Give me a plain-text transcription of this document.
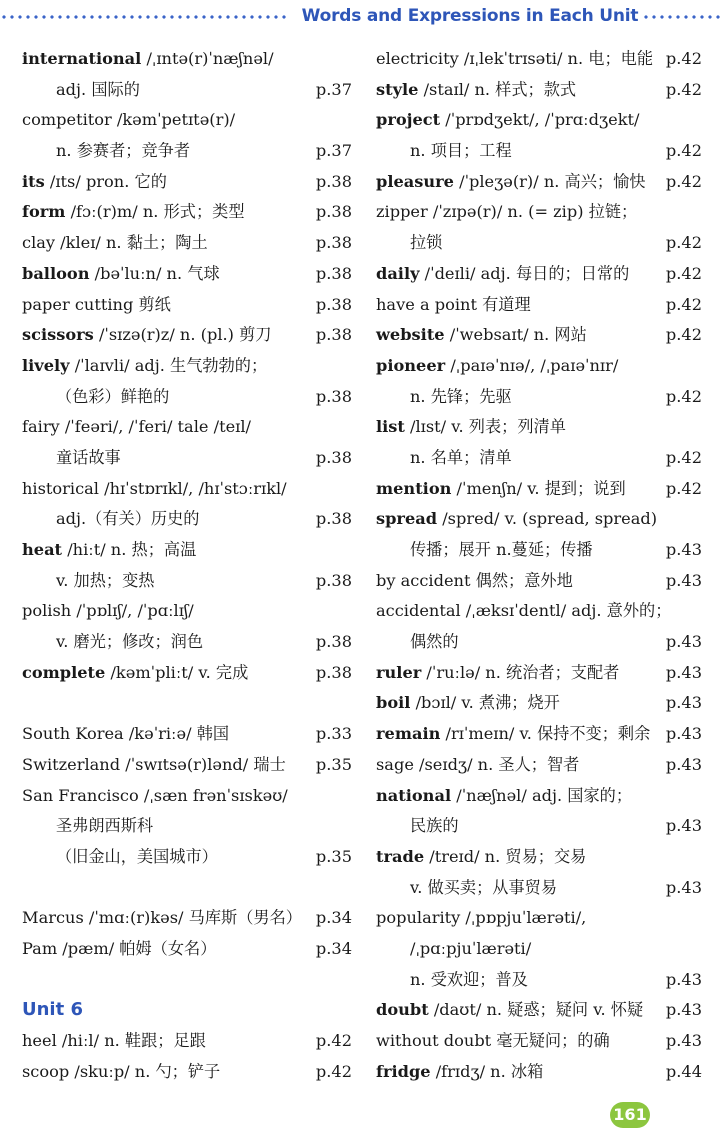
Words and Expressions in Each Unit
international /ˌɪntə(r)ˈnæʃnəl/
adj. 国际的	p.37
competitor /kəmˈpetɪtə(r)/
n. 参赛者；竞争者	p.37
its /ɪts/ pron. 它的	p.38
form /fɔː(r)m/ n. 形式；类型	p.38
clay /kleɪ/ n. 黏土；陶土	p.38
balloon /bəˈluːn/ n. 气球	p.38
paper cutting 剪纸	p.38
scissors /ˈsɪzə(r)z/ n. (pl.) 剪刀	p.38
lively /ˈlaɪvli/ adj. 生气勃勃的；
（色彩）鲜艳的	p.38
fairy /ˈfeəri/, /ˈferi/ tale /teɪl/
童话故事	p.38
historical /hɪˈstɒrɪkl/, /hɪˈstɔːrɪkl/
adj.（有关）历史的	p.38
heat /hiːt/ n. 热；高温
v. 加热；变热	p.38
polish /ˈpɒlɪʃ/, /ˈpɑːlɪʃ/
v. 磨光；修改；润色	p.38
complete /kəmˈpliːt/ v. 完成	p.38
South Korea /kəˈriːə/ 韩国	p.33
Switzerland /ˈswɪtsə(r)lənd/ 瑞士 p.35
San Francisco /ˌsæn frənˈsɪskəʊ/
圣弗朗西斯科
（旧金山，美国城市）	p.35
Marcus /ˈmɑː(r)kəs/ 马库斯（男名） p.34
Pam /pæm/ 帕姆（女名）	p.34
Unit 6
heel /hiːl/ n. 鞋跟；足跟	p.42
scoop /skuːp/ n. 勺；铲子	p.42
electricity /ɪˌlekˈtrɪsəti/ n. 电；电能 p.42
style /staɪl/ n. 样式；款式	p.42
project /ˈprɒdʒekt/, /ˈprɑːdʒekt/
n. 项目；工程	p.42
pleasure /ˈpleʒə(r)/ n. 高兴；愉快 p.42
zipper /ˈzɪpə(r)/ n. (= zip) 拉链；
拉锁	p.42
daily /ˈdeɪli/ adj. 每日的；日常的 p.42
have a point 有道理	p.42
website /ˈwebsaɪt/ n. 网站	p.42
pioneer /ˌpaɪəˈnɪə/, /ˌpaɪəˈnɪr/
n. 先锋；先驱	p.42
list /lɪst/ v. 列表；列清单
n. 名单；清单	p.42
mention /ˈmenʃn/ v. 提到；说到 p.42
spread /spred/ v. (spread, spread)
传播；展开 n.蔓延；传播	p.43
by accident 偶然；意外地	p.43
accidental /ˌæksɪˈdentl/ adj. 意外的；
偶然的	p.43
ruler /ˈruːlə/ n. 统治者；支配者	p.43
boil /bɔɪl/ v. 煮沸；烧开	p.43
remain /rɪˈmeɪn/ v. 保持不变；剩余 p.43
sage /seɪdʒ/ n. 圣人；智者	p.43
national /ˈnæʃnəl/ adj. 国家的；
民族的	p.43
trade /treɪd/ n. 贸易；交易
v. 做买卖；从事贸易	p.43
popularity /ˌpɒpjuˈlærəti/,
/ˌpɑːpjuˈlærəti/
n. 受欢迎；普及	p.43
doubt /daʊt/ n. 疑惑；疑问 v. 怀疑 p.43
without doubt 毫无疑问；的确	p.43
fridge /frɪdʒ/ n. 冰箱	p.44
161
